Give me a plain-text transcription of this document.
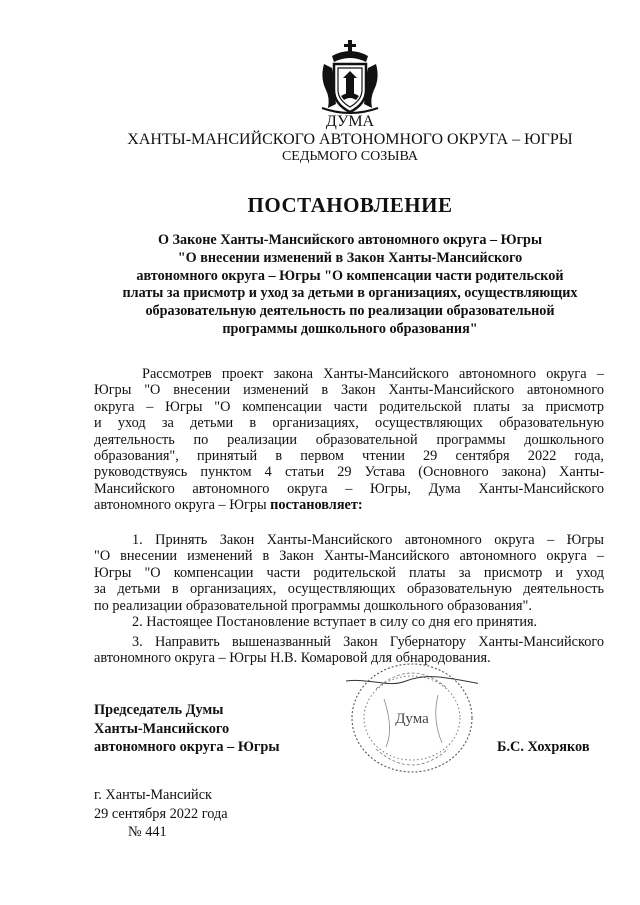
ДУМА
ХАНТЫ-МАНСИЙСКОГО АВТОНОМНОГО ОКРУГА – ЮГРЫ
СЕДЬМОГО СОЗЫВА
ПОСТАНОВЛЕНИЕ
О Законе Ханты-Мансийского автономного округа – Югры
"О внесении изменений в Закон Ханты-Мансийского
автономного округа – Югры "О компенсации части родительской
платы за присмотр и уход за детьми в организациях, осуществляющих
образовательную деятельность по реализации образовательной
программы дошкольного образования"
Рассмотрев проект закона Ханты-Мансийского автономного округа –
Югры "О внесении изменений в Закон Ханты-Мансийского автономного
округа – Югры "О компенсации части родительской платы за присмотр
и уход за детьми в организациях, осуществляющих образовательную
деятельность по реализации образовательной программы дошкольного
образования", принятый в первом чтении 29 сентября 2022 года,
руководствуясь пунктом 4 статьи 29 Устава (Основного закона) Ханты-
Мансийского автономного округа – Югры, Дума Ханты-Мансийского
автономного округа – Югры постановляет:
1. Принять Закон Ханты-Мансийского автономного округа – Югры
"О внесении изменений в Закон Ханты-Мансийского автономного округа –
Югры "О компенсации части родительской платы за присмотр и уход
за детьми в организациях, осуществляющих образовательную деятельность
по реализации образовательной программы дошкольного образования".
2. Настоящее Постановление вступает в силу со дня его принятия.
3. Направить вышеназванный Закон Губернатору Ханты-Мансийского
автономного округа – Югры Н.В. Комаровой для обнародования.
Дума
Председатель Думы
Ханты-Мансийского
автономного округа – Югры	Б.С. Хохряков
г. Ханты-Мансийск
29 сентября 2022 года
№ 441
